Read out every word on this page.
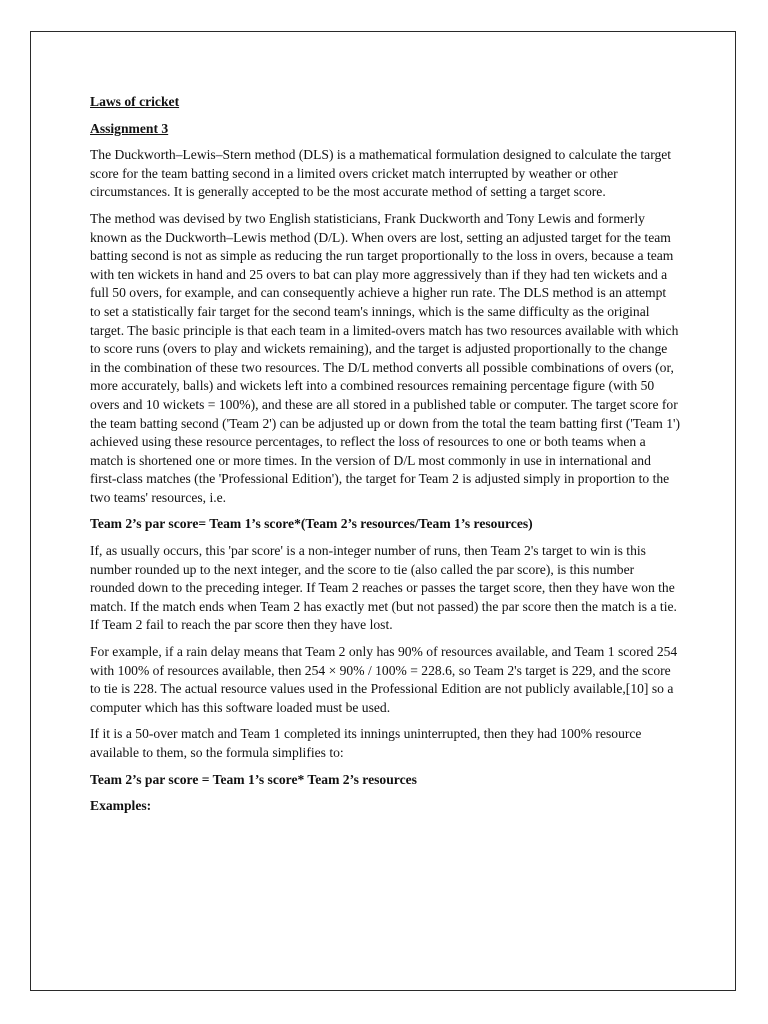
Laws of cricket
Assignment 3

The Duckworth–Lewis–Stern method (DLS) is a mathematical formulation designed to calculate the target score for the team batting second in a limited overs cricket match interrupted by weather or other circumstances. It is generally accepted to be the most accurate method of setting a target score.

The method was devised by two English statisticians, Frank Duckworth and Tony Lewis and formerly known as the Duckworth–Lewis method (D/L). When overs are lost, setting an adjusted target for the team batting second is not as simple as reducing the run target proportionally to the loss in overs, because a team with ten wickets in hand and 25 overs to bat can play more aggressively than if they had ten wickets and a full 50 overs, for example, and can consequently achieve a higher run rate. The DLS method is an attempt to set a statistically fair target for the second team's innings, which is the same difficulty as the original target. The basic principle is that each team in a limited-overs match has two resources available with which to score runs (overs to play and wickets remaining), and the target is adjusted proportionally to the change in the combination of these two resources. The D/L method converts all possible combinations of overs (or, more accurately, balls) and wickets left into a combined resources remaining percentage figure (with 50 overs and 10 wickets = 100%), and these are all stored in a published table or computer. The target score for the team batting second ('Team 2') can be adjusted up or down from the total the team batting first ('Team 1') achieved using these resource percentages, to reflect the loss of resources to one or both teams when a match is shortened one or more times. In the version of D/L most commonly in use in international and first-class matches (the 'Professional Edition'), the target for Team 2 is adjusted simply in proportion to the two teams' resources, i.e.

Team 2’s par score= Team 1’s score*(Team 2’s resources/Team 1’s resources)

If, as usually occurs, this 'par score' is a non-integer number of runs, then Team 2's target to win is this number rounded up to the next integer, and the score to tie (also called the par score), is this number rounded down to the preceding integer. If Team 2 reaches or passes the target score, then they have won the match. If the match ends when Team 2 has exactly met (but not passed) the par score then the match is a tie. If Team 2 fail to reach the par score then they have lost.

For example, if a rain delay means that Team 2 only has 90% of resources available, and Team 1 scored 254 with 100% of resources available, then 254 × 90% / 100% = 228.6, so Team 2's target is 229, and the score to tie is 228. The actual resource values used in the Professional Edition are not publicly available,[10] so a computer which has this software loaded must be used.

If it is a 50-over match and Team 1 completed its innings uninterrupted, then they had 100% resource available to them, so the formula simplifies to:

Team 2’s par score = Team 1’s score* Team 2’s resources
Examples:
